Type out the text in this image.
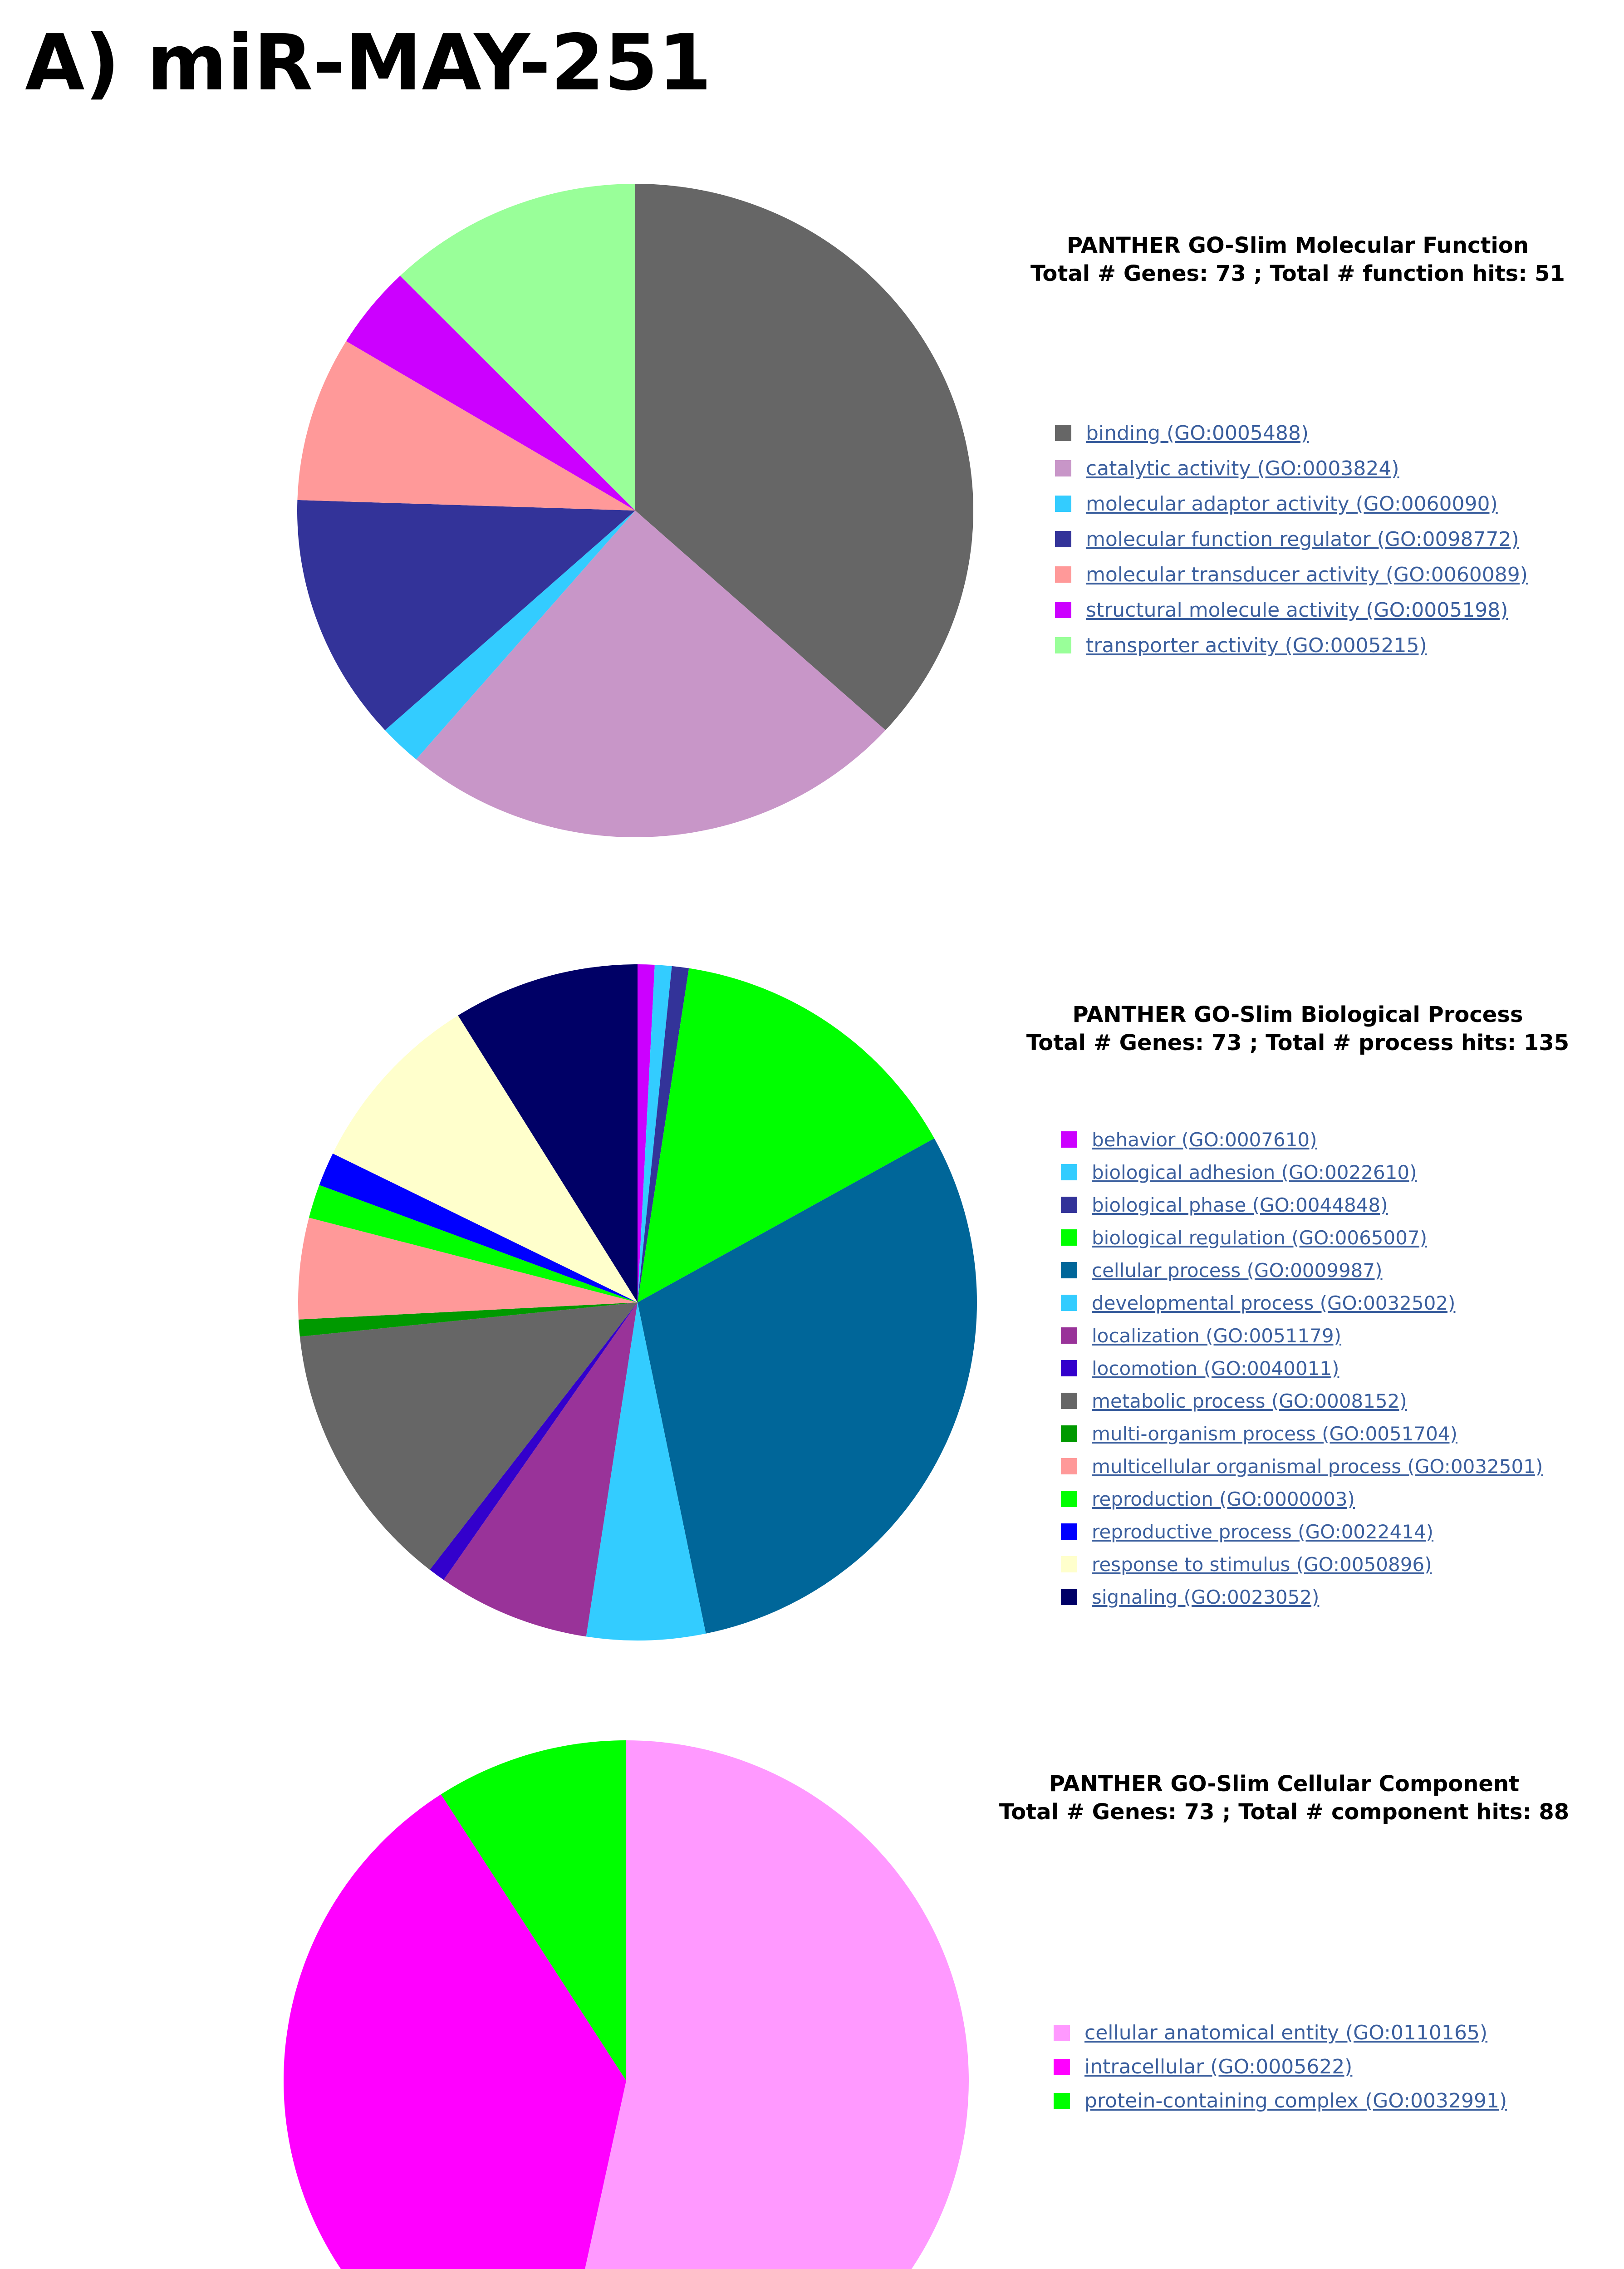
A) miR-MAY-251
PANTHER GO-Slim Molecular Function
Total # Genes: 73 ; Total # function hits: 51
binding (GO:0005488)
catalytic activity (GO:0003824)
molecular adaptor activity (GO:0060090)
molecular function regulator (GO:0098772)
molecular transducer activity (GO:0060089)
structural molecule activity (GO:0005198)
transporter activity (GO:0005215)
PANTHER GO-Slim Biological Process
Total # Genes: 73 ; Total # process hits: 135
behavior (GO:0007610)
biological adhesion (GO:0022610)
biological phase (GO:0044848)
biological regulation (GO:0065007)
cellular process (GO:0009987)
developmental process (GO:0032502)
localization (GO:0051179)
locomotion (GO:0040011)
metabolic process (GO:0008152)
multi-organism process (GO:0051704)
multicellular organismal process (GO:0032501)
reproduction (GO:0000003)
reproductive process (GO:0022414)
response to stimulus (GO:0050896)
signaling (GO:0023052)
PANTHER GO-Slim Cellular Component
Total # Genes: 73 ; Total # component hits: 88
cellular anatomical entity (GO:0110165)
intracellular (GO:0005622)
protein-containing complex (GO:0032991)
